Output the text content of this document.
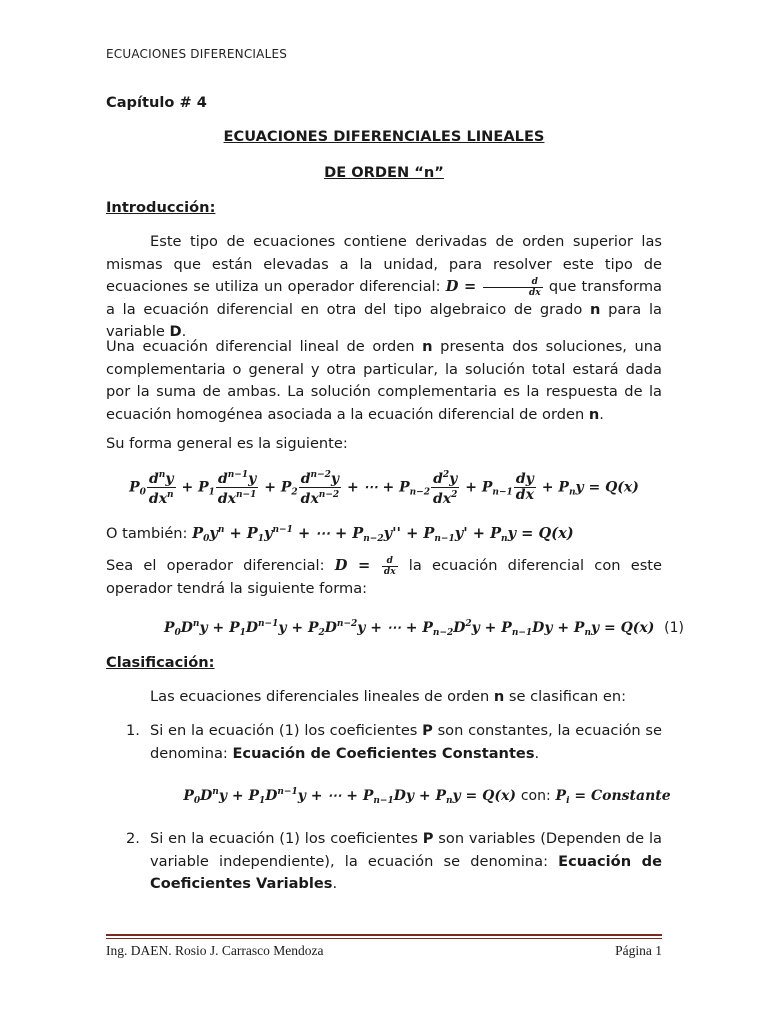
ECUACIONES DIFERENCIALES
Capítulo # 4
ECUACIONES DIFERENCIALES LINEALES
DE ORDEN “n”
Introducción:
Este tipo de ecuaciones contiene derivadas de orden superior las mismas que están elevadas a la unidad, para resolver este tipo de ecuaciones se utiliza un operador diferencial: $D = \frac{d}{dx}$ que transforma a la ecuación diferencial en otra del tipo algebraico de grado n para la variable D.
Una ecuación diferencial lineal de orden n presenta dos soluciones, una complementaria o general y otra particular, la solución total estará dada por la suma de ambas. La solución complementaria es la respuesta de la ecuación homogénea asociada a la ecuación diferencial de orden n.
Su forma general es la siguiente:
$P_0 \frac{d^ny}{dx^n} + P_1 \frac{d^{n-1}y}{dx^{n-1}} + P_2 \frac{d^{n-2}y}{dx^{n-2}}$ + ⋯ + $P_{n-2} \frac{d^2y}{dx^2} + P_{n-1} \frac{dy}{dx} + P_ny = Q(x)$
O también: $P_0y^n + P_1y^{n-1}$ + ⋯ + $P_{n-2}y'' + P_{n-1}y' + P_ny = Q(x)$
Sea el operador diferencial: $D = \frac{d}{dx}$ la ecuación diferencial con este operador tendrá la siguiente forma:
$P_0D^ny + P_1D^{n-1}y + P_2D^{n-2}y$ + ⋯ + $P_{n-2}D^2y + P_{n-1}Dy + P_ny = Q(x)$  (1)
Clasificación:
Las ecuaciones diferenciales lineales de orden n se clasifican en:
1. Si en la ecuación (1) los coeficientes P son constantes, la ecuación se denomina: Ecuación de Coeficientes Constantes.
$P_0D^ny + P_1D^{n-1}y$ + ⋯ + $P_{n-1}Dy + P_ny = Q(x)$ con: $P_i$ = Constante
2. Si en la ecuación (1) los coeficientes P son variables (Dependen de la variable independiente), la ecuación se denomina: Ecuación de Coeficientes Variables.
Ing. DAEN. Rosio J. Carrasco Mendoza	Página 1
